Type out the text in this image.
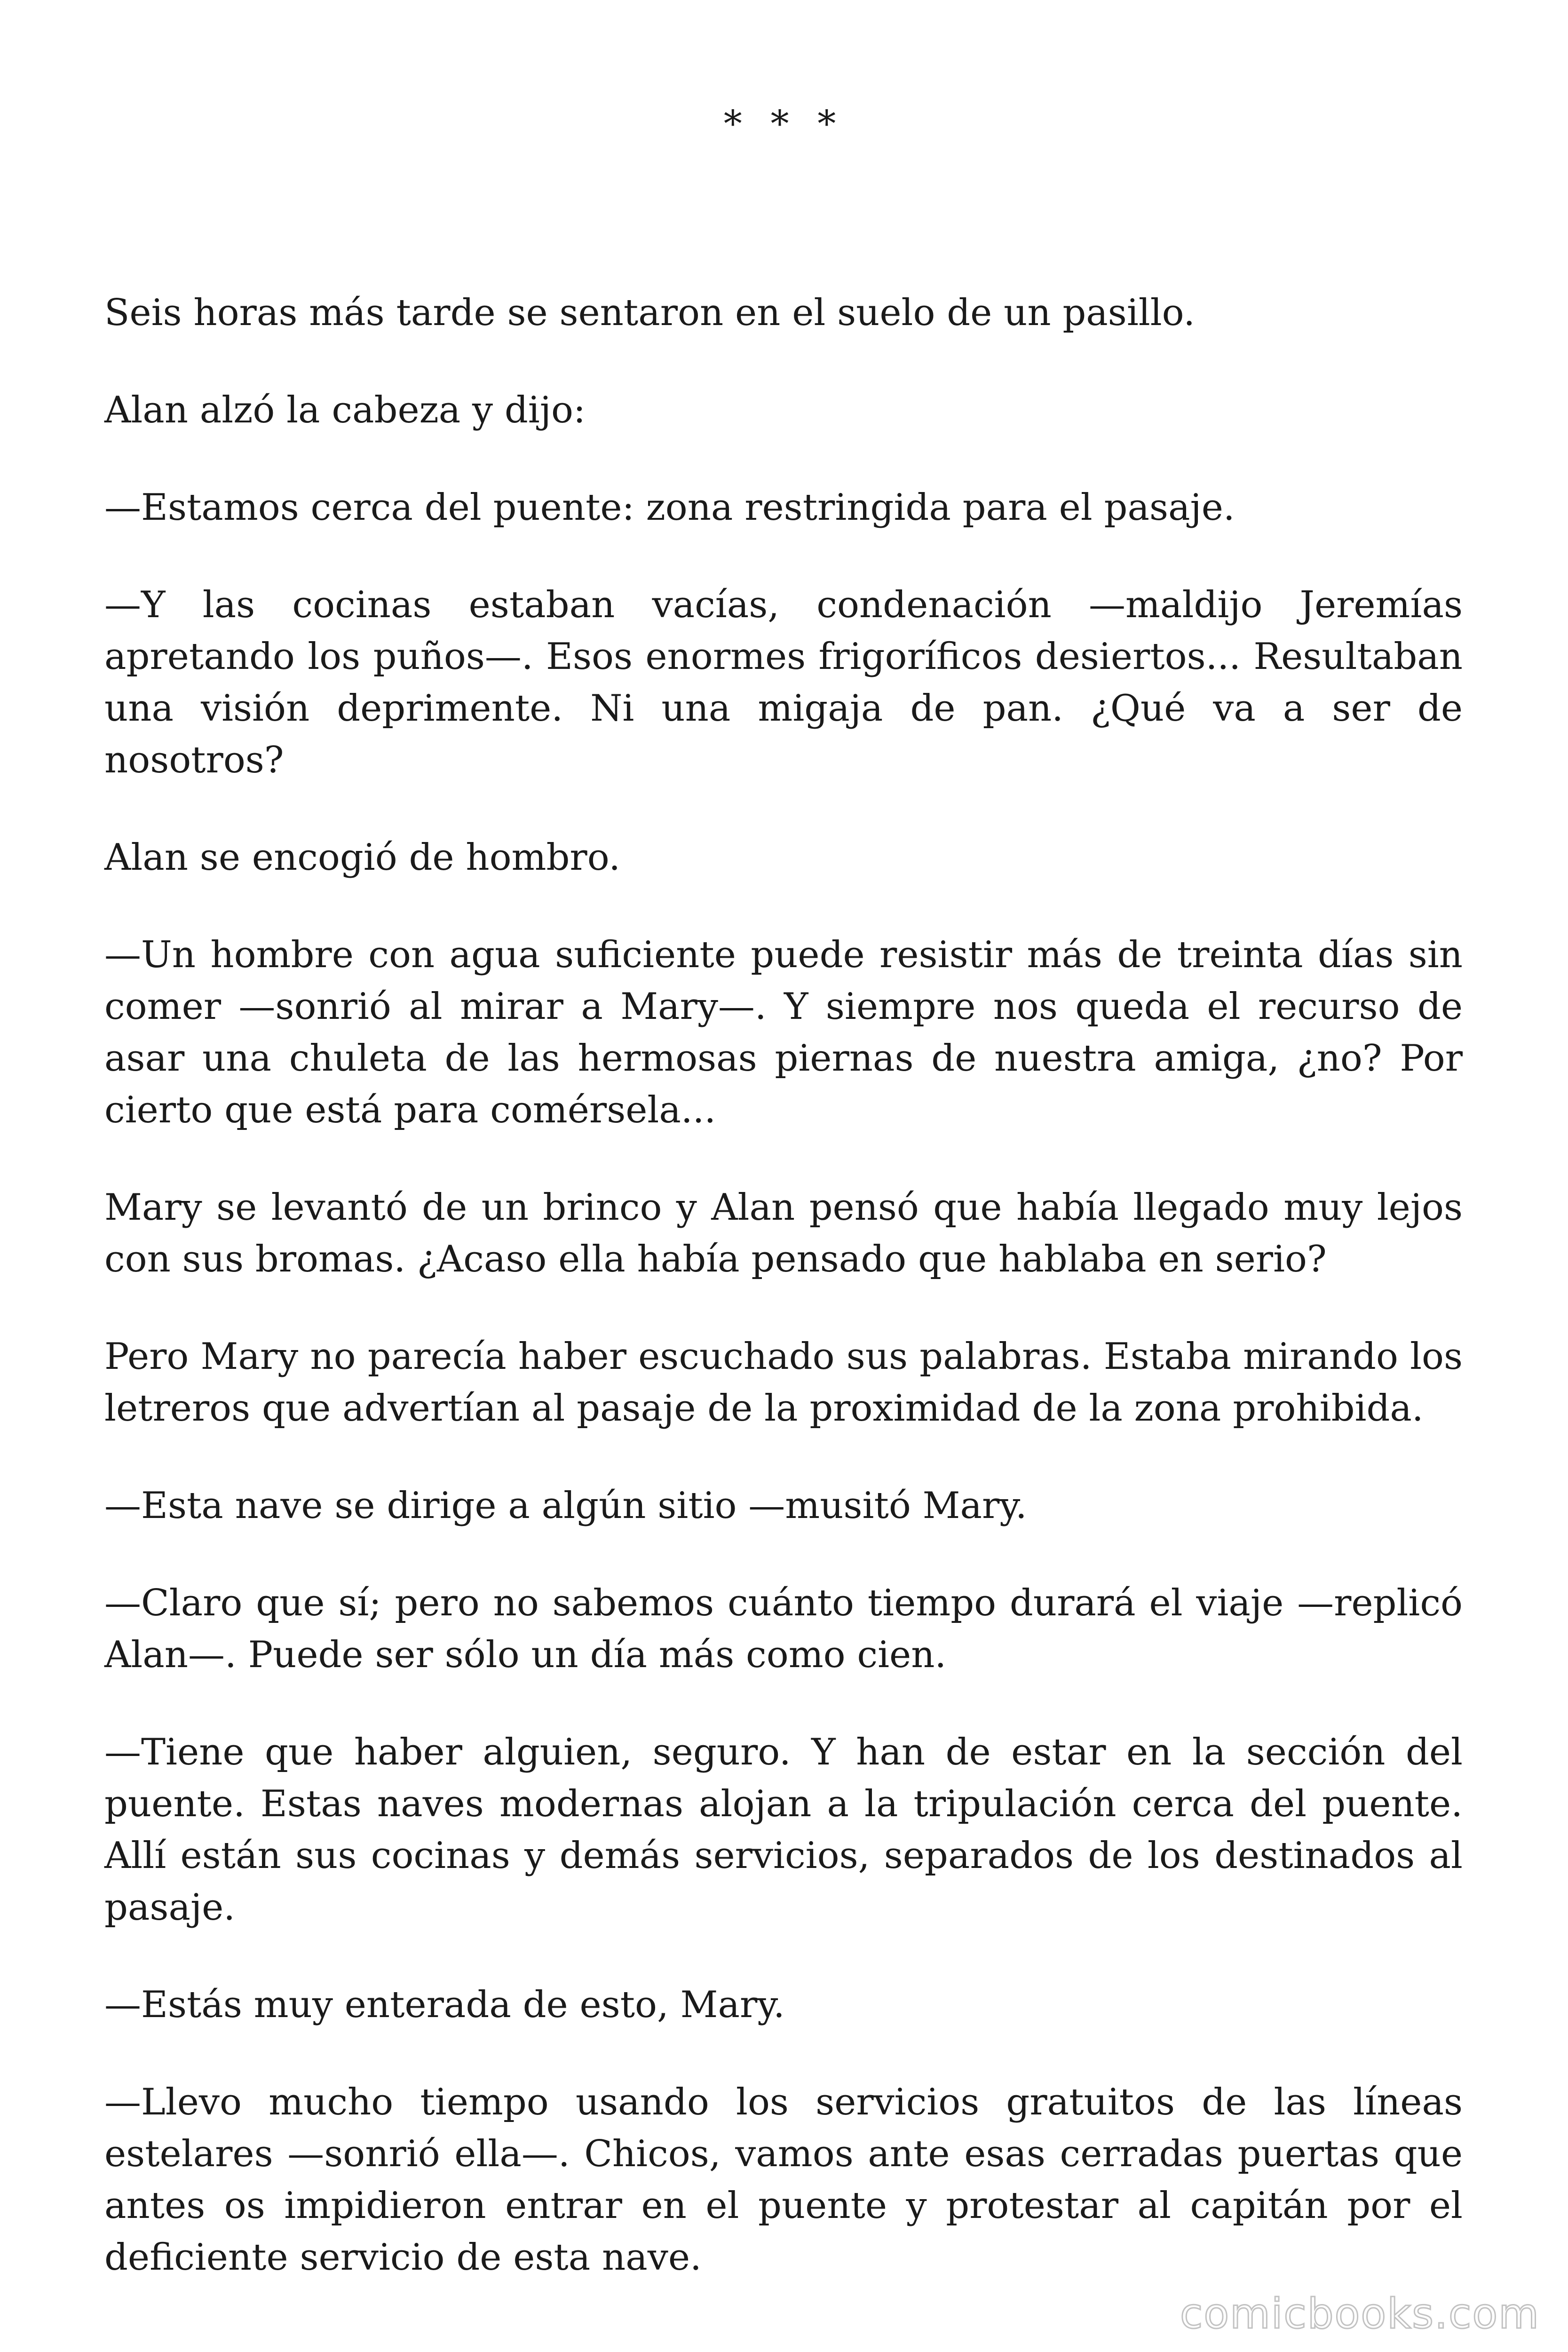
* * *

Seis horas más tarde se sentaron en el suelo de un pasillo.

Alan alzó la cabeza y dijo:

—Estamos cerca del puente: zona restringida para el pasaje.

—Y las cocinas estaban vacías, condenación —maldijo Jeremías apretando los puños—. Esos enormes frigoríficos desiertos... Resultaban una visión deprimente. Ni una migaja de pan. ¿Qué va a ser de nosotros?

Alan se encogió de hombro.

—Un hombre con agua suficiente puede resistir más de treinta días sin comer —sonrió al mirar a Mary—. Y siempre nos queda el recurso de asar una chuleta de las hermosas piernas de nuestra amiga, ¿no? Por cierto que está para comérsela...

Mary se levantó de un brinco y Alan pensó que había llegado muy lejos con sus bromas. ¿Acaso ella había pensado que hablaba en serio?

Pero Mary no parecía haber escuchado sus palabras. Estaba mirando los letreros que advertían al pasaje de la proximidad de la zona prohibida.

—Esta nave se dirige a algún sitio —musitó Mary.

—Claro que sí; pero no sabemos cuánto tiempo durará el viaje —replicó Alan—. Puede ser sólo un día más como cien.

—Tiene que haber alguien, seguro. Y han de estar en la sección del puente. Estas naves modernas alojan a la tripulación cerca del puente. Allí están sus cocinas y demás servicios, separados de los destinados al pasaje.

—Estás muy enterada de esto, Mary.

—Llevo mucho tiempo usando los servicios gratuitos de las líneas estelares —sonrió ella—. Chicos, vamos ante esas cerradas puertas que antes os impidieron entrar en el puente y protestar al capitán por el deficiente servicio de esta nave.

comicbooks.com
